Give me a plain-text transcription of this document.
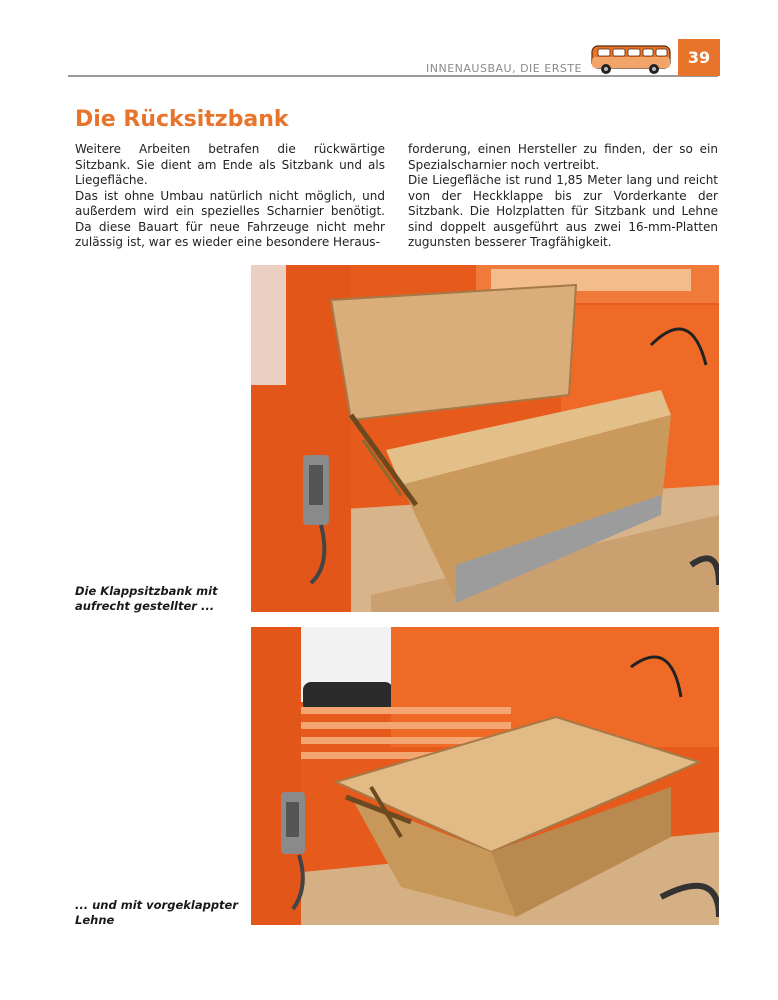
INNENAUSBAU, DIE ERSTE
39
Die Rücksitzbank

Weitere Arbeiten betrafen die rückwärtige Sitzbank. Sie dient am Ende als Sitzbank und als Liegefläche.

Das ist ohne Umbau natürlich nicht möglich, und außerdem wird ein spezielles Scharnier benötigt. Da diese Bauart für neue Fahrzeuge nicht mehr zulässig ist, war es wieder eine besondere Heraus-

forderung, einen Hersteller zu finden, der so ein Spezialscharnier noch vertreibt.

Die Liegefläche ist rund 1,85 Meter lang und reicht von der Heckklappe bis zur Vorderkante der Sitzbank. Die Holzplatten für Sitzbank und Lehne sind doppelt ausgeführt aus zwei 16-mm-Platten zugunsten besserer Tragfähigkeit.

Die Klappsitzbank mit
aufrecht gestellter ...
... und mit vorgeklappter
Lehne
